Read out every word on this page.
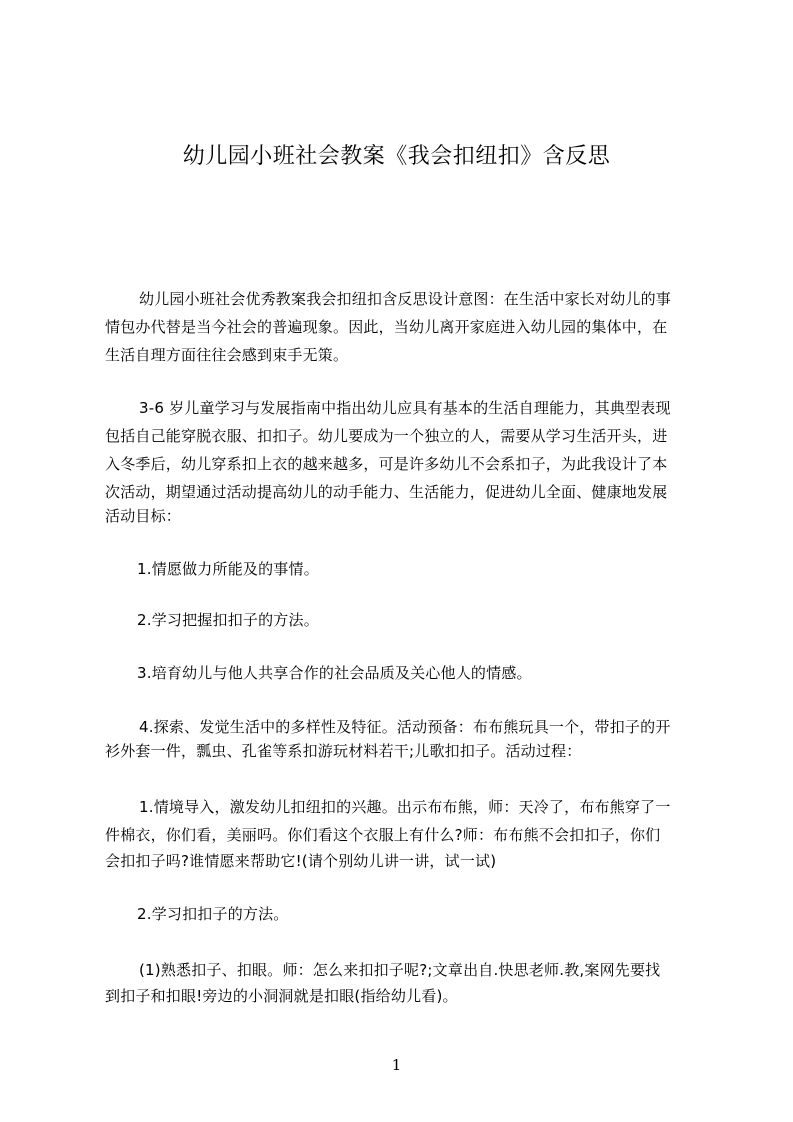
幼儿园小班社会教案《我会扣纽扣》含反思
幼儿园小班社会优秀教案我会扣纽扣含反思设计意图：在生活中家长对幼儿的事
情包办代替是当今社会的普遍现象。因此，当幼儿离开家庭进入幼儿园的集体中，在
生活自理方面往往会感到束手无策。
3-6 岁儿童学习与发展指南中指出幼儿应具有基本的生活自理能力，其典型表现
包括自己能穿脱衣服、扣扣子。幼儿要成为一个独立的人，需要从学习生活开头，进
入冬季后，幼儿穿系扣上衣的越来越多，可是许多幼儿不会系扣子，为此我设计了本
次活动，期望通过活动提高幼儿的动手能力、生活能力，促进幼儿全面、健康地发展
活动目标：
1.情愿做力所能及的事情。
2.学习把握扣扣子的方法。
3.培育幼儿与他人共享合作的社会品质及关心他人的情感。
4.探索、发觉生活中的多样性及特征。活动预备：布布熊玩具一个，带扣子的开
衫外套一件，瓢虫、孔雀等系扣游玩材料若干;儿歌扣扣子。活动过程：
1.情境导入，激发幼儿扣纽扣的兴趣。出示布布熊，师：天冷了，布布熊穿了一
件棉衣，你们看，美丽吗。你们看这个衣服上有什么?师：布布熊不会扣扣子，你们
会扣扣子吗?谁情愿来帮助它!(请个别幼儿讲一讲，试一试)
2.学习扣扣子的方法。
(1)熟悉扣子、扣眼。师：怎么来扣扣子呢?;文章出自.快思老师.教,案网先要找
到扣子和扣眼!旁边的小洞洞就是扣眼(指给幼儿看)。
1
